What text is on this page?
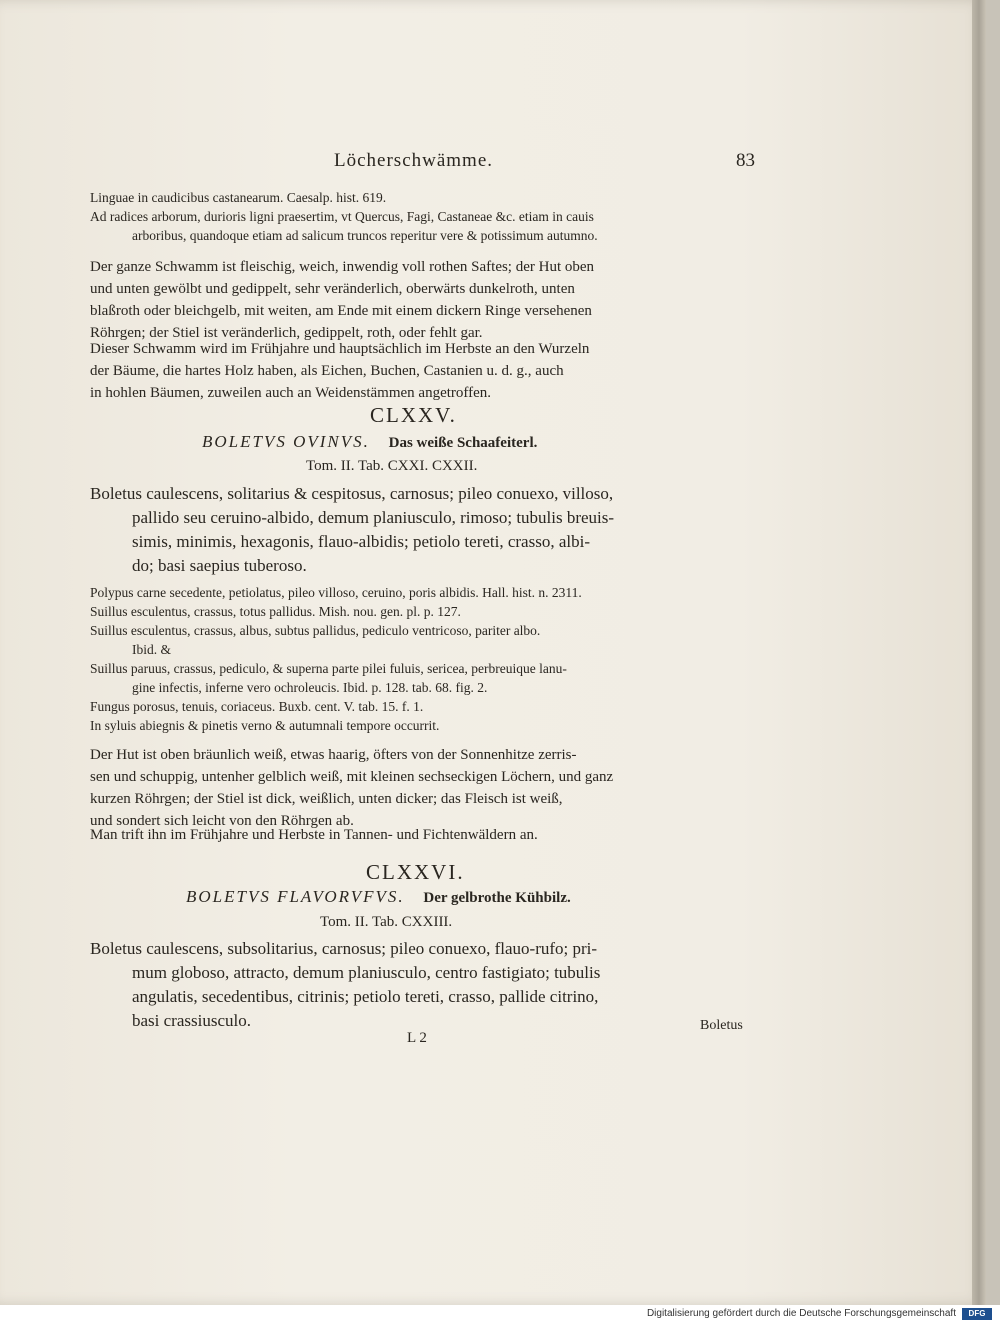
Löcherschwämme.	83
Linguae in caudicibus castanearum. Caesalp. hist. 619.
Ad radices arborum, durioris ligni praesertim, vt Quercus, Fagi, Castaneae &c. etiam in cauis
arboribus, quandoque etiam ad salicum truncos reperitur vere & potissimum autumno.
Der ganze Schwamm ist fleischig, weich, inwendig voll rothen Saftes; der Hut oben
und unten gewölbt und gedippelt, sehr veränderlich, oberwärts dunkelroth, unten
blaßroth oder bleichgelb, mit weiten, am Ende mit einem dickern Ringe versehenen
Röhrgen; der Stiel ist veränderlich, gedippelt, roth, oder fehlt gar.
Dieser Schwamm wird im Frühjahre und hauptsächlich im Herbste an den Wurzeln
der Bäume, die hartes Holz haben, als Eichen, Buchen, Castanien u. d. g., auch
in hohlen Bäumen, zuweilen auch an Weidenstämmen angetroffen.
CLXXV.
BOLETVS OVINVS. Das weiße Schaafeiterl.
Tom. II. Tab. CXXI. CXXII.
Boletus caulescens, solitarius & cespitosus, carnosus; pileo conuexo, villoso,
pallido seu ceruino-albido, demum planiusculo, rimoso; tubulis breuis-
simis, minimis, hexagonis, flauo-albidis; petiolo tereti, crasso, albi-
do; basi saepius tuberoso.
Polypus carne secedente, petiolatus, pileo villoso, ceruino, poris albidis. Hall. hist. n. 2311.
Suillus esculentus, crassus, totus pallidus. Mish. nou. gen. pl. p. 127.
Suillus esculentus, crassus, albus, subtus pallidus, pediculo ventricoso, pariter albo.
Ibid. &
Suillus paruus, crassus, pediculo, & superna parte pilei fuluis, sericea, perbreuique lanu-
gine infectis, inferne vero ochroleucis. Ibid. p. 128. tab. 68. fig. 2.
Fungus porosus, tenuis, coriaceus. Buxb. cent. V. tab. 15. f. 1.
In syluis abiegnis & pinetis verno & autumnali tempore occurrit.
Der Hut ist oben bräunlich weiß, etwas haarig, öfters von der Sonnenhitze zerris-
sen und schuppig, untenher gelblich weiß, mit kleinen sechseckigen Löchern, und ganz
kurzen Röhrgen; der Stiel ist dick, weißlich, unten dicker; das Fleisch ist weiß,
und sondert sich leicht von den Röhrgen ab.
Man trift ihn im Frühjahre und Herbste in Tannen- und Fichtenwäldern an.
CLXXVI.
BOLETVS FLAVORVFVS. Der gelbrothe Kühbilz.
Tom. II. Tab. CXXIII.
Boletus caulescens, subsolitarius, carnosus; pileo conuexo, flauo-rufo; pri-
mum globoso, attracto, demum planiusculo, centro fastigiato; tubulis
angulatis, secedentibus, citrinis; petiolo tereti, crasso, pallide citrino,
basi crassiusculo.
L 2
Boletus
Digitalisierung gefördert durch die Deutsche Forschungsgemeinschaft	DFG
